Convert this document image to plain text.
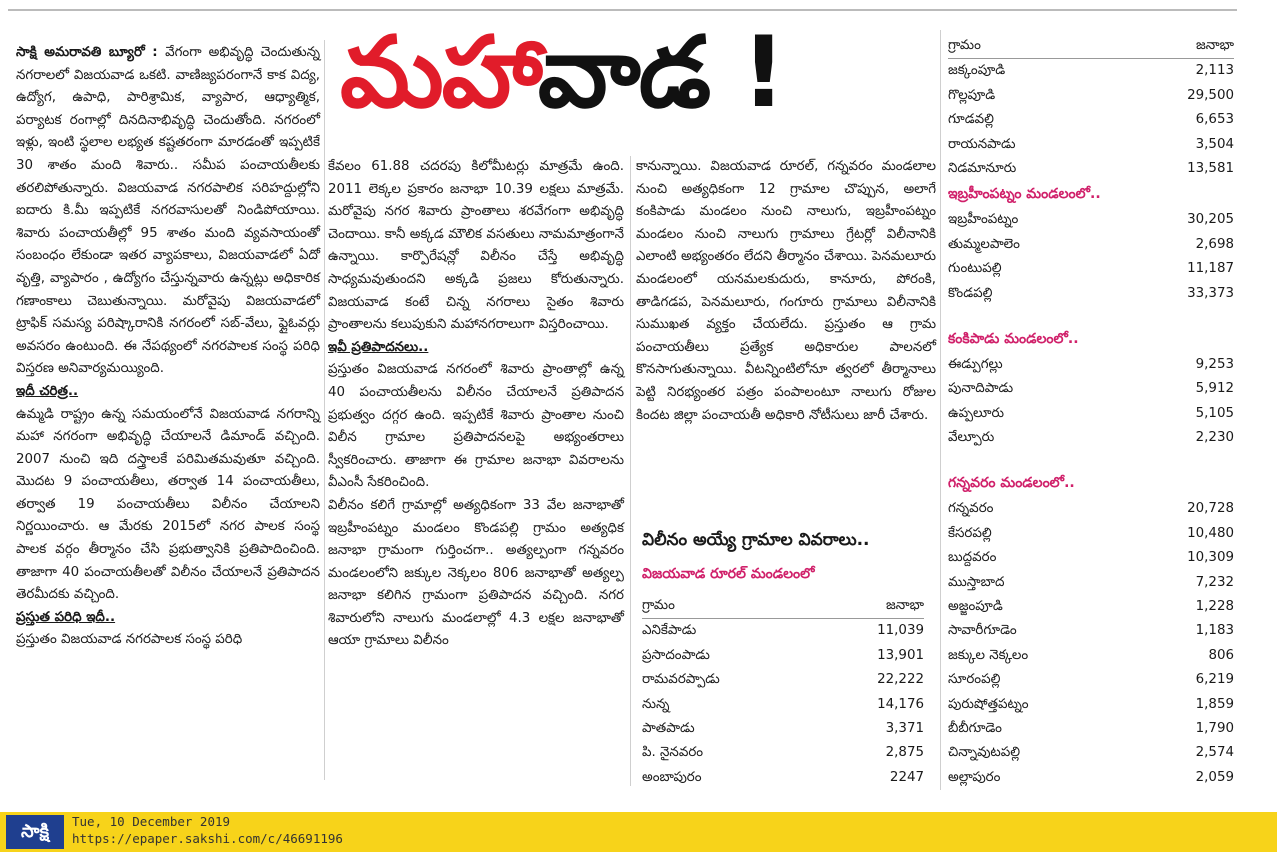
మహావాడ !

సాక్షి అమరావతి బ్యూరో : వేగంగా అభివృద్ధి చెందుతున్న నగరాలలో విజయవాడ ఒకటి. వాణిజ్యపరంగానే కాక విద్య, ఉద్యోగ, ఉపాధి, పారిశ్రామిక, వ్యాపార, ఆధ్యాత్మిక, పర్యాటక రంగాల్లో దినదినాభివృద్ధి చెందుతోంది. నగరంలో ఇళ్లు, ఇంటి స్థలాల లభ్యత కష్టతరంగా మారడంతో ఇప్పటికే 30 శాతం మంది శివారు.. సమీప పంచాయతీలకు తరలిపోతున్నారు. విజయవాడ నగరపాలిక సరిహద్దుల్లోని ఐదారు కి.మీ ఇప్పటికే నగరవాసులతో నిండిపోయాయి. శివారు పంచాయతీల్లో 95 శాతం మంది వ్యవసాయంతో సంబంధం లేకుండా ఇతర వ్యాపకాలు, విజయవాడలో ఏదో వృత్తి, వ్యాపారం , ఉద్యోగం చేస్తున్నవారు ఉన్నట్లు అధికారిక గణాంకాలు చెబుతున్నాయి. మరోవైపు విజయవాడలో ట్రాఫిక్ సమస్య పరిష్కారానికి నగరంలో సబ్-వేలు, ఫ్లైఓవర్లు అవసరం ఉంటుంది. ఈ నేపథ్యంలో నగరపాలక సంస్థ పరిధి విస్తరణ అనివార్యమయ్యింది.

ఇదీ చరిత్ర..

ఉమ్మడి రాష్ట్రం ఉన్న సమయంలోనే విజయవాడ నగరాన్ని మహా నగరంగా అభివృద్ధి చేయాలనే డిమాండ్ వచ్చింది. 2007 నుంచి ఇది దస్త్రాలకే పరిమితమవుతూ వచ్చింది. మొదట 9 పంచాయతీలు, తర్వాత 14 పంచాయతీలు, తర్వాత 19 పంచాయతీలు విలీనం చేయాలని నిర్ణయించారు. ఆ మేరకు 2015లో నగర పాలక సంస్థ పాలక వర్గం తీర్మానం చేసి ప్రభుత్వానికి ప్రతిపాదించింది. తాజాగా 40 పంచాయతీలతో విలీనం చేయాలనే ప్రతిపాదన తెరమీదకు వచ్చింది.

ప్రస్తుత పరిధి ఇదీ..

ప్రస్తుతం విజయవాడ నగరపాలక సంస్థ పరిధి

కేవలం 61.88 చదరపు కిలోమీటర్లు మాత్రమే ఉంది. 2011 లెక్కల ప్రకారం జనాభా 10.39 లక్షలు మాత్రమే. మరోవైపు నగర శివారు ప్రాంతాలు శరవేగంగా అభివృద్ధి చెందాయి. కానీ అక్కడ మౌలిక వసతులు నామమాత్రంగానే ఉన్నాయి. కార్పొరేషన్లో విలీనం చేస్తే అభివృద్ధి సాధ్యమవుతుందని అక్కడి ప్రజలు కోరుతున్నారు. విజయవాడ కంటే చిన్న నగరాలు సైతం శివారు ప్రాంతాలను కలుపుకుని మహానగరాలుగా విస్తరించాయి.

ఇవీ ప్రతిపాదనలు..

ప్రస్తుతం విజయవాడ నగరంలో శివారు ప్రాంతాల్లో ఉన్న 40 పంచాయతీలను విలీనం చేయాలనే ప్రతిపాదన ప్రభుత్వం దగ్గర ఉంది. ఇప్పటికే శివారు ప్రాంతాల నుంచి విలీన గ్రామాల ప్రతిపాదనలపై అభ్యంతరాలు స్వీకరించారు. తాజాగా ఈ గ్రామాల జనాభా వివరాలను వీఎంసీ సేకరించింది.

విలీనం కలిగే గ్రామాల్లో అత్యధికంగా 33 వేల జనాభాతో ఇబ్రహీంపట్నం మండలం కొండపల్లి గ్రామం అత్యధిక జనాభా గ్రామంగా గుర్తించగా.. అత్యల్పంగా గన్నవరం మండలంలోని జక్కుల నెక్కలం 806 జనాభాతో అత్యల్ప జనాభా కలిగిన గ్రామంగా ప్రతిపాదన వచ్చింది. నగర శివారులోని నాలుగు మండలాల్లో 4.3 లక్షల జనాభాతో ఆయా గ్రామాలు విలీనం

కానున్నాయి. విజయవాడ రూరల్, గన్నవరం మండలాల నుంచి అత్యధికంగా 12 గ్రామాల చొప్పున, అలాగే కంకిపాడు మండలం నుంచి నాలుగు, ఇబ్రహీంపట్నం మండలం నుంచి నాలుగు గ్రామాలు గ్రేటర్లో విలీనానికి ఎలాంటి అభ్యంతరం లేదని తీర్మానం చేశాయి. పెనమలూరు మండలంలో యనమలకుదురు, కానూరు, పోరంకి, తాడిగడప, పెనమలూరు, గంగూరు గ్రామాలు విలీనానికి సుముఖత వ్యక్తం చేయలేదు. ప్రస్తుతం ఆ గ్రామ పంచాయతీలు ప్రత్యేక అధికారుల పాలనలో కొనసాగుతున్నాయి. వీటన్నింటిలోనూ త్వరలో తీర్మానాలు పెట్టి నిరభ్యంతర పత్రం పంపాలంటూ నాలుగు రోజుల కిందట జిల్లా పంచాయతీ అధికారి నోటీసులు జారీ చేశారు.

విలీనం అయ్యే గ్రామాల వివరాలు..
విజయవాడ రూరల్ మండలంలో
గ్రామం	జనాభా
ఎనికేపాడు	11,039
ప్రసాదంపాడు	13,901
రామవరప్పాడు	22,222
నున్న	14,176
పాతపాడు	3,371
పి. నైనవరం	2,875
అంబాపురం	2247
గ్రామం	జనాభా
జక్కంపూడి	2,113
గొల్లపూడి	29,500
గూడవల్లి	6,653
రాయనపాడు	3,504
నిడమానూరు	13,581
ఇబ్రహీంపట్నం మండలంలో..
ఇబ్రహీంపట్నం	30,205
తుమ్మలపాలెం	2,698
గుంటుపల్లి	11,187
కొండపల్లి	33,373
కంకిపాడు మండలంలో..
ఈడ్పుగల్లు	9,253
పునాదిపాడు	5,912
ఉప్పలూరు	5,105
వేల్పూరు	2,230
గన్నవరం మండలంలో..
గన్నవరం	20,728
కేసరపల్లి	10,480
బుద్దవరం	10,309
ముస్తాబాద	7,232
అజ్జంపూడి	1,228
సావారీగూడెం	1,183
జక్కుల నెక్కలం	806
సూరంపల్లి	6,219
పురుషోత్తపట్నం	1,859
బీబీగూడెం	1,790
చిన్నావుటపల్లి	2,574
అల్లాపురం	2,059
సాక్షి	Tue, 10 December 2019
https://epaper.sakshi.com/c/46691196
